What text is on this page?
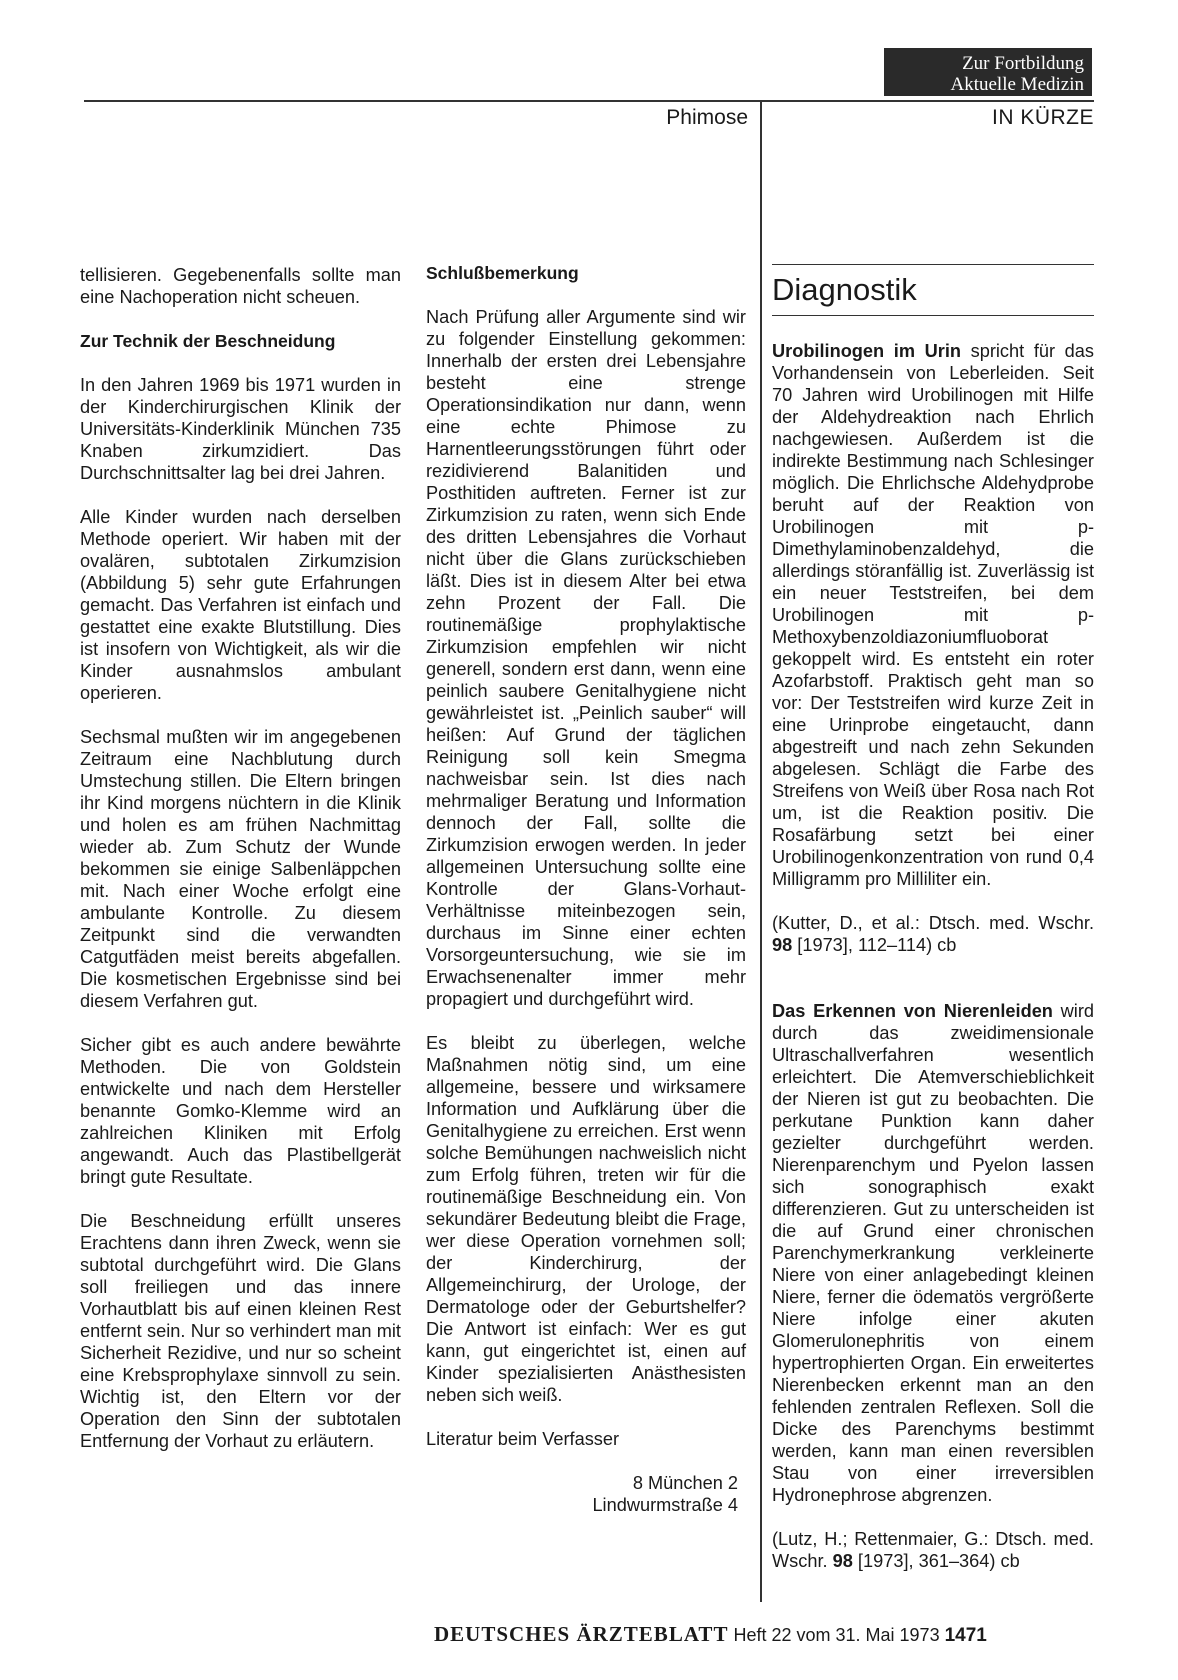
Zur Fortbildung
Aktuelle Medizin
Phimose	IN KÜRZE

tellisieren. Gegebenenfalls sollte man eine Nachoperation nicht scheuen.

Zur Technik der Beschneidung

In den Jahren 1969 bis 1971 wurden in der Kinderchirurgischen Klinik der Universitäts-Kinderklinik München 735 Knaben zirkumzidiert. Das Durchschnittsalter lag bei drei Jahren.

Alle Kinder wurden nach derselben Methode operiert. Wir haben mit der ovalären, subtotalen Zirkumzision (Abbildung 5) sehr gute Erfahrungen gemacht. Das Verfahren ist einfach und gestattet eine exakte Blutstillung. Dies ist insofern von Wichtigkeit, als wir die Kinder ausnahmslos ambulant operieren.

Sechsmal mußten wir im angegebenen Zeitraum eine Nachblutung durch Umstechung stillen. Die Eltern bringen ihr Kind morgens nüchtern in die Klinik und holen es am frühen Nachmittag wieder ab. Zum Schutz der Wunde bekommen sie einige Salbenläppchen mit. Nach einer Woche erfolgt eine ambulante Kontrolle. Zu diesem Zeitpunkt sind die verwandten Catgutfäden meist bereits abgefallen. Die kosmetischen Ergebnisse sind bei diesem Verfahren gut.

Sicher gibt es auch andere bewährte Methoden. Die von Goldstein entwickelte und nach dem Hersteller benannte Gomko-Klemme wird an zahlreichen Kliniken mit Erfolg angewandt. Auch das Plastibellgerät bringt gute Resultate.

Die Beschneidung erfüllt unseres Erachtens dann ihren Zweck, wenn sie subtotal durchgeführt wird. Die Glans soll freiliegen und das innere Vorhautblatt bis auf einen kleinen Rest entfernt sein. Nur so verhindert man mit Sicherheit Rezidive, und nur so scheint eine Krebsprophylaxe sinnvoll zu sein. Wichtig ist, den Eltern vor der Operation den Sinn der subtotalen Entfernung der Vorhaut zu erläutern.

Schlußbemerkung

Nach Prüfung aller Argumente sind wir zu folgender Einstellung gekommen: Innerhalb der ersten drei Lebensjahre besteht eine strenge Operationsindikation nur dann, wenn eine echte Phimose zu Harnentleerungsstörungen führt oder rezidivierend Balanitiden und Posthitiden auftreten. Ferner ist zur Zirkumzision zu raten, wenn sich Ende des dritten Lebensjahres die Vorhaut nicht über die Glans zurückschieben läßt. Dies ist in diesem Alter bei etwa zehn Prozent der Fall. Die routinemäßige prophylaktische Zirkumzision empfehlen wir nicht generell, sondern erst dann, wenn eine peinlich saubere Genitalhygiene nicht gewährleistet ist. „Peinlich sauber“ will heißen: Auf Grund der täglichen Reinigung soll kein Smegma nachweisbar sein. Ist dies nach mehrmaliger Beratung und Information dennoch der Fall, sollte die Zirkumzision erwogen werden. In jeder allgemeinen Untersuchung sollte eine Kontrolle der Glans-Vorhaut-Verhältnisse miteinbezogen sein, durchaus im Sinne einer echten Vorsorgeuntersuchung, wie sie im Erwachsenenalter immer mehr propagiert und durchgeführt wird.

Es bleibt zu überlegen, welche Maßnahmen nötig sind, um eine allgemeine, bessere und wirksamere Information und Aufklärung über die Genitalhygiene zu erreichen. Erst wenn solche Bemühungen nachweislich nicht zum Erfolg führen, treten wir für die routinemäßige Beschneidung ein. Von sekundärer Bedeutung bleibt die Frage, wer diese Operation vornehmen soll; der Kinderchirurg, der Allgemeinchirurg, der Urologe, der Dermatologe oder der Geburtshelfer? Die Antwort ist einfach: Wer es gut kann, gut eingerichtet ist, einen auf Kinder spezialisierten Anästhesisten neben sich weiß.

Literatur beim Verfasser

8 München 2
Lindwurmstraße 4
Diagnostik

Urobilinogen im Urin spricht für das Vorhandensein von Leberleiden. Seit 70 Jahren wird Urobilinogen mit Hilfe der Aldehydreaktion nach Ehrlich nachgewiesen. Außerdem ist die indirekte Bestimmung nach Schlesinger möglich. Die Ehrlichsche Aldehydprobe beruht auf der Reaktion von Urobilinogen mit p-Dimethylaminobenzaldehyd, die allerdings störanfällig ist. Zuverlässig ist ein neuer Teststreifen, bei dem Urobilinogen mit p-Methoxybenzoldiazoniumfluoborat gekoppelt wird. Es entsteht ein roter Azofarbstoff. Praktisch geht man so vor: Der Teststreifen wird kurze Zeit in eine Urinprobe eingetaucht, dann abgestreift und nach zehn Sekunden abgelesen. Schlägt die Farbe des Streifens von Weiß über Rosa nach Rot um, ist die Reaktion positiv. Die Rosafärbung setzt bei einer Urobilinogenkonzentration von rund 0,4 Milligramm pro Milliliter ein.

(Kutter, D., et al.: Dtsch. med. Wschr. 98 [1973], 112–114) cb

Das Erkennen von Nierenleiden wird durch das zweidimensionale Ultraschallverfahren wesentlich erleichtert. Die Atemverschieblichkeit der Nieren ist gut zu beobachten. Die perkutane Punktion kann daher gezielter durchgeführt werden. Nierenparenchym und Pyelon lassen sich sonographisch exakt differenzieren. Gut zu unterscheiden ist die auf Grund einer chronischen Parenchymerkrankung verkleinerte Niere von einer anlagebedingt kleinen Niere, ferner die ödematös vergrößerte Niere infolge einer akuten Glomerulonephritis von einem hypertrophierten Organ. Ein erweitertes Nierenbecken erkennt man an den fehlenden zentralen Reflexen. Soll die Dicke des Parenchyms bestimmt werden, kann man einen reversiblen Stau von einer irreversiblen Hydronephrose abgrenzen.

(Lutz, H.; Rettenmaier, G.: Dtsch. med. Wschr. 98 [1973], 361–364) cb

DEUTSCHES ÄRZTEBLATT Heft 22 vom 31. Mai 1973 1471
